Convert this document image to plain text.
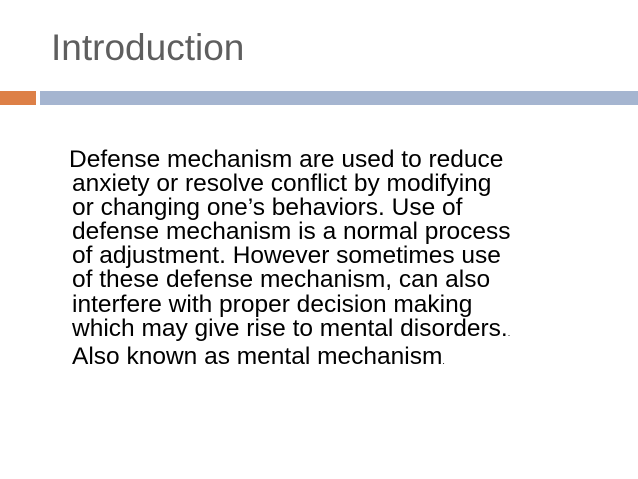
Introduction
Defense mechanism are used to reduce
anxiety or resolve conflict by modifying
or changing one’s behaviors. Use of
defense mechanism is a normal process
of adjustment. However sometimes use
of these defense mechanism, can also
interfere with proper decision making
which may give rise to mental disorders..
Also known as mental mechanism.
